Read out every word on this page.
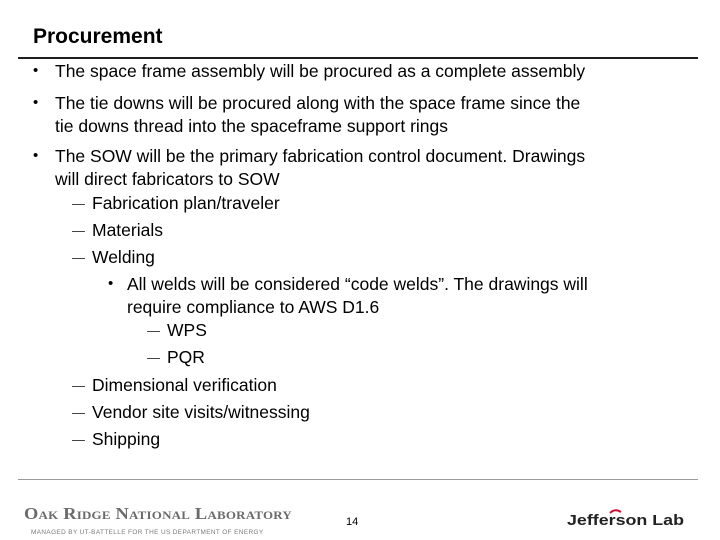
Procurement
• The space frame assembly will be procured as a complete assembly
• The tie downs will be procured along with the space frame since the
tie downs thread into the spaceframe support rings
• The SOW will be the primary fabrication control document. Drawings
will direct fabricators to SOW
－ Fabrication plan/traveler
－ Materials
－ Welding
• All welds will be considered “code welds”. The drawings will
require compliance to AWS D1.6
－ WPS
－ PQR
－ Dimensional verification
－ Vendor site visits/witnessing
－ Shipping
Oak Ridge National Laboratory
MANAGED BY UT-BATTELLE FOR THE US DEPARTMENT OF ENERGY
14	Jefferson Lab
